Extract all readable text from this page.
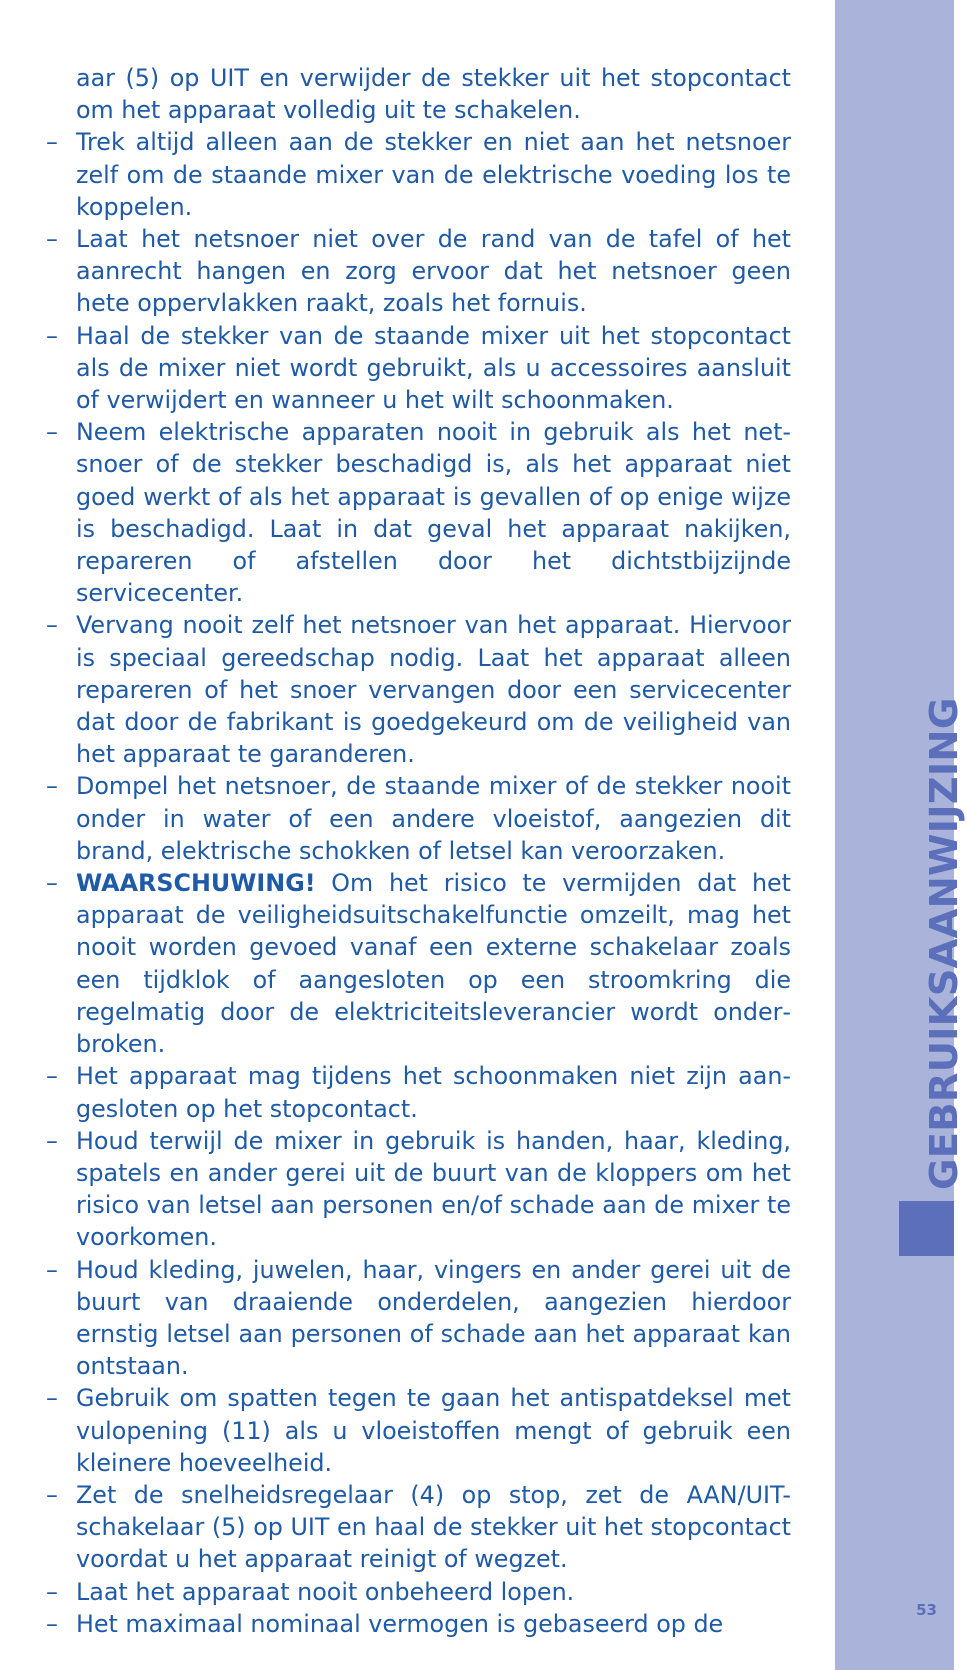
aar (5) op UIT en verwijder de stekker uit het stopcontact om het apparaat volledig uit te schakelen.

– Trek altijd alleen aan de stekker en niet aan het netsnoer zelf om de staande mixer van de elektrische voeding los te koppelen.

– Laat het netsnoer niet over de rand van de tafel of het aanrecht hangen en zorg ervoor dat het netsnoer geen hete oppervlakken raakt, zoals het fornuis.

– Haal de stekker van de staande mixer uit het stopcontact als de mixer niet wordt gebruikt, als u accessoires aansluit of verwijdert en wanneer u het wilt schoonmaken.

– Neem elektrische apparaten nooit in gebruik als het netsnoer of de stekker beschadigd is, als het apparaat niet goed werkt of als het apparaat is gevallen of op enige wijze is beschadigd. Laat in dat geval het apparaat nakijken, repareren of afstellen door het dichtstbijzijnde servicecenter.

– Vervang nooit zelf het netsnoer van het apparaat. Hiervoor is speciaal gereedschap nodig. Laat het apparaat alleen repareren of het snoer vervangen door een servicecenter dat door de fabrikant is goedgekeurd om de veiligheid van het apparaat te garanderen.

– Dompel het netsnoer, de staande mixer of de stekker nooit onder in water of een andere vloeistof, aangezien dit brand, elektrische schokken of letsel kan veroorzaken.

– WAARSCHUWING! Om het risico te vermijden dat het apparaat de veiligheidsuitschakelfunctie omzeilt, mag het nooit worden gevoed vanaf een externe schakelaar zoals een tijdklok of aangesloten op een stroomkring die regelmatig door de elektriciteitsleverancier wordt onderbroken.

– Het apparaat mag tijdens het schoonmaken niet zijn aangesloten op het stopcontact.

– Houd terwijl de mixer in gebruik is handen, haar, kleding, spatels en ander gerei uit de buurt van de kloppers om het risico van letsel aan personen en/of schade aan de mixer te voorkomen.

– Houd kleding, juwelen, haar, vingers en ander gerei uit de buurt van draaiende onderdelen, aangezien hierdoor ernstig letsel aan personen of schade aan het apparaat kan ontstaan.

– Gebruik om spatten tegen te gaan het antispatdeksel met vulopening (11) als u vloeistoffen mengt of gebruik een kleinere hoeveelheid.

– Zet de snelheidsregelaar (4) op stop, zet de AAN/UIT-schakelaar (5) op UIT en haal de stekker uit het stopcontact voordat u het apparaat reinigt of wegzet.

– Laat het apparaat nooit onbeheerd lopen.

– Het maximaal nominaal vermogen is gebaseerd op de

GEBRUIKSAANWIJZING
53
